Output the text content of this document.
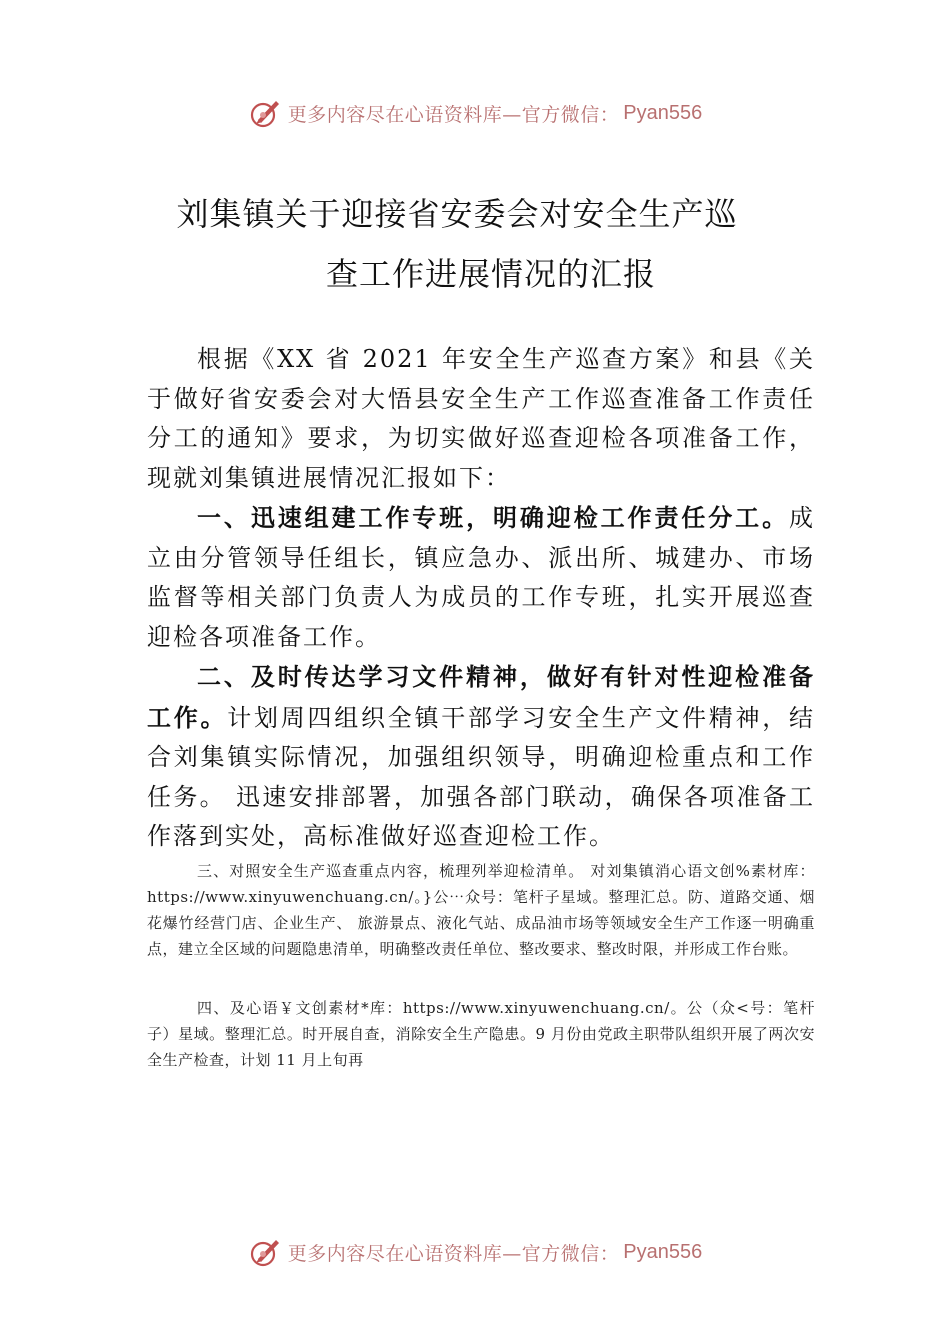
更多内容尽在心语资料库—官方微信： Pyan556
刘集镇关于迎接省安委会对安全生产巡
查工作进展情况的汇报
根据《XX 省 2021 年安全生产巡查方案》和县《关于做好省安委会对大悟县安全生产工作巡查准备工作责任分工的通知》要求，为切实做好巡查迎检各项准备工作，现就刘集镇进展情况汇报如下：
一、迅速组建工作专班，明确迎检工作责任分工。成立由分管领导任组长，镇应急办、派出所、城建办、市场监督等相关部门负责人为成员的工作专班，扎实开展巡查迎检各项准备工作。
二、及时传达学习文件精神，做好有针对性迎检准备工作。计划周四组织全镇干部学习安全生产文件精神，结合刘集镇实际情况，加强组织领导，明确迎检重点和工作任务。 迅速安排部署，加强各部门联动，确保各项准备工作落到实处，高标准做好巡查迎检工作。
三、对照安全生产巡查重点内容，梳理列举迎检清单。 对刘集镇消心语文创%素材库：https://www.xinyuwenchuang.cn/。}公⋯众号：笔杆子星域。整理汇总。防、道路交通、烟花爆竹经营门店、企业生产、 旅游景点、液化气站、成品油市场等领域安全生产工作逐一明确重点，建立全区域的问题隐患清单，明确整改责任单位、整改要求、整改时限，并形成工作台账。
四、及心语￥文创素材*库：https://www.xinyuwenchuang.cn/。公（众<号：笔杆子）星域。整理汇总。时开展自查，消除安全生产隐患。9 月份由党政主职带队组织开展了两次安全生产检查，计划 11 月上旬再
更多内容尽在心语资料库—官方微信： Pyan556
